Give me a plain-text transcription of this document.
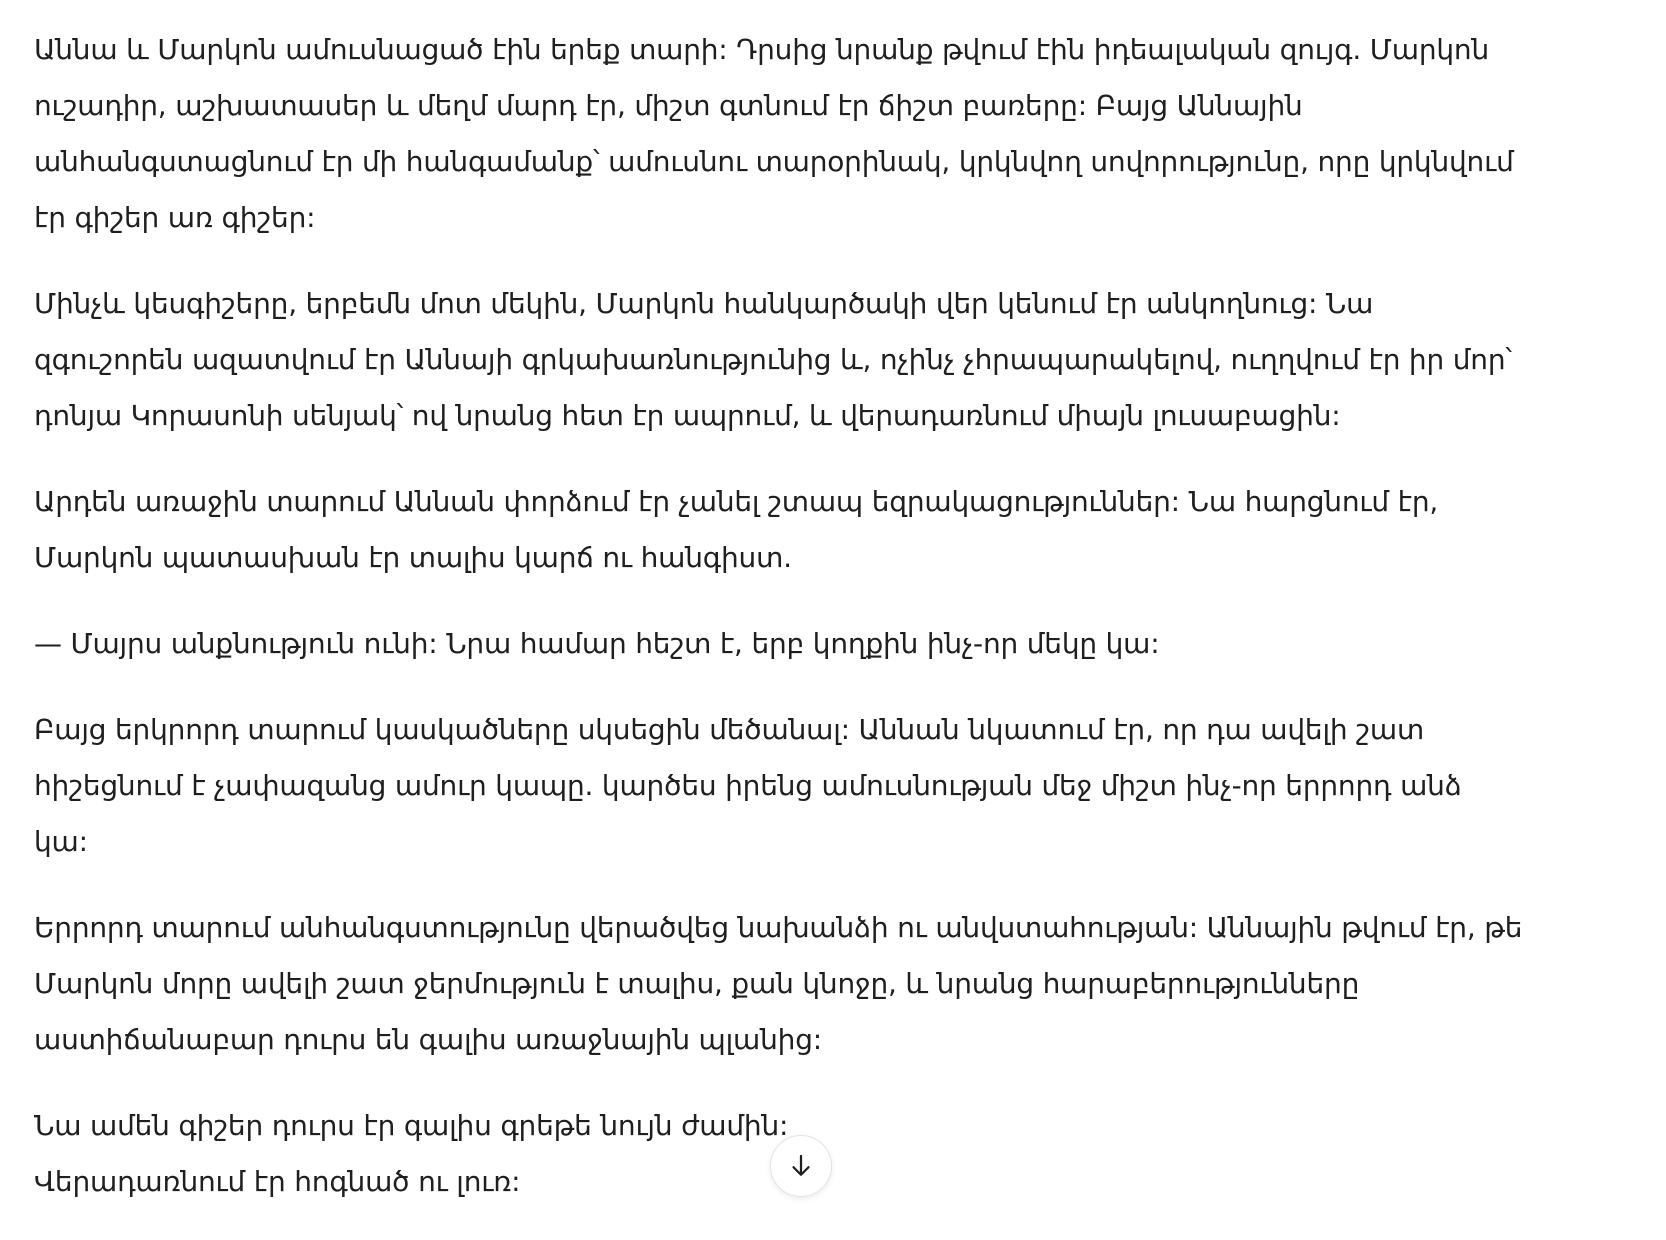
Աննա և Մարկոն ամուսնացած էին երեք տարի: Դրսից նրանք թվում էին իդեալական զույգ. Մարկոն
ուշադիր, աշխատասեր և մեղմ մարդ էր, միշտ գտնում էր ճիշտ բառերը: Բայց Աննային
անհանգստացնում էր մի հանգամանք՝ ամուսնու տարօրինակ, կրկնվող սովորությունը, որը կրկնվում
էր գիշեր առ գիշեր:

Մինչև կեսգիշերը, երբեմն մոտ մեկին, Մարկոն հանկարծակի վեր կենում էր անկողնուց: Նա
զգուշորեն ազատվում էր Աննայի գրկախառնությունից և, ոչինչ չհրապարակելով, ուղղվում էր իր մոր՝
դոնյա Կորասոնի սենյակ՝ ով նրանց հետ էր ապրում, և վերադառնում միայն լուսաբացին:

Արդեն առաջին տարում Աննան փորձում էր չանել շտապ եզրակացություններ: Նա հարցնում էր,
Մարկոն պատասխան էր տալիս կարճ ու հանգիստ.

— Մայրս անքնություն ունի: Նրա համար հեշտ է, երբ կողքին ինչ-որ մեկը կա:

Բայց երկրորդ տարում կասկածները սկսեցին մեծանալ: Աննան նկատում էր, որ դա ավելի շատ
հիշեցնում է չափազանց ամուր կապը. կարծես իրենց ամուսնության մեջ միշտ ինչ-որ երրորդ անձ
կա:

Երրորդ տարում անհանգստությունը վերածվեց նախանձի ու անվստահության: Աննային թվում էր, թե
Մարկոն մորը ավելի շատ ջերմություն է տալիս, քան կնոջը, և նրանց հարաբերությունները
աստիճանաբար դուրս են գալիս առաջնային պլանից:

Նա ամեն գիշեր դուրս էր գալիս գրեթե նույն ժամին:
Վերադառնում էր հոգնած ու լուռ:
